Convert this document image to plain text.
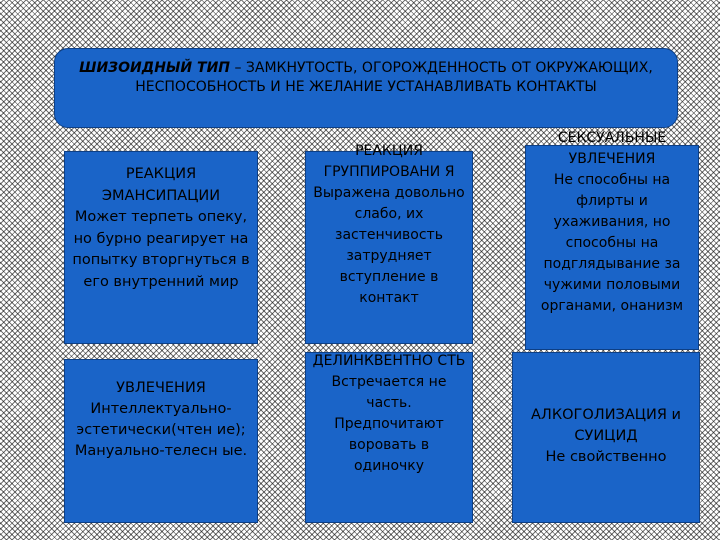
ШИЗОИДНЫЙ ТИП – ЗАМКНУТОСТЬ, ОГОРОЖДЕННОСТЬ ОТ ОКРУЖАЮЩИХ, НЕСПОСОБНОСТЬ И НЕ ЖЕЛАНИЕ УСТАНАВЛИВАТЬ КОНТАКТЫ
РЕАКЦИЯ ЭМАНСИПАЦИИ
Может терпеть опеку, но бурно реагирует на попытку вторгнуться в его внутренний мир
РЕАКЦИЯ ГРУППИРОВАНИ Я
Выражена довольно слабо, их застенчивость затрудняет вступление в контакт
СЕКСУАЛЬНЫЕ УВЛЕЧЕНИЯ
Не способны на флирты и ухаживания, но способны на подглядывание за чужими половыми органами, онанизм
УВЛЕЧЕНИЯ
Интеллектуально-эстетически(чтен ие); Мануально-телесн ые.
ДЕЛИНКВЕНТНО СТЬ
Встречается не часть. Предпочитают воровать в одиночку
АЛКОГОЛИЗАЦИЯ и СУИЦИД
Не свойственно
